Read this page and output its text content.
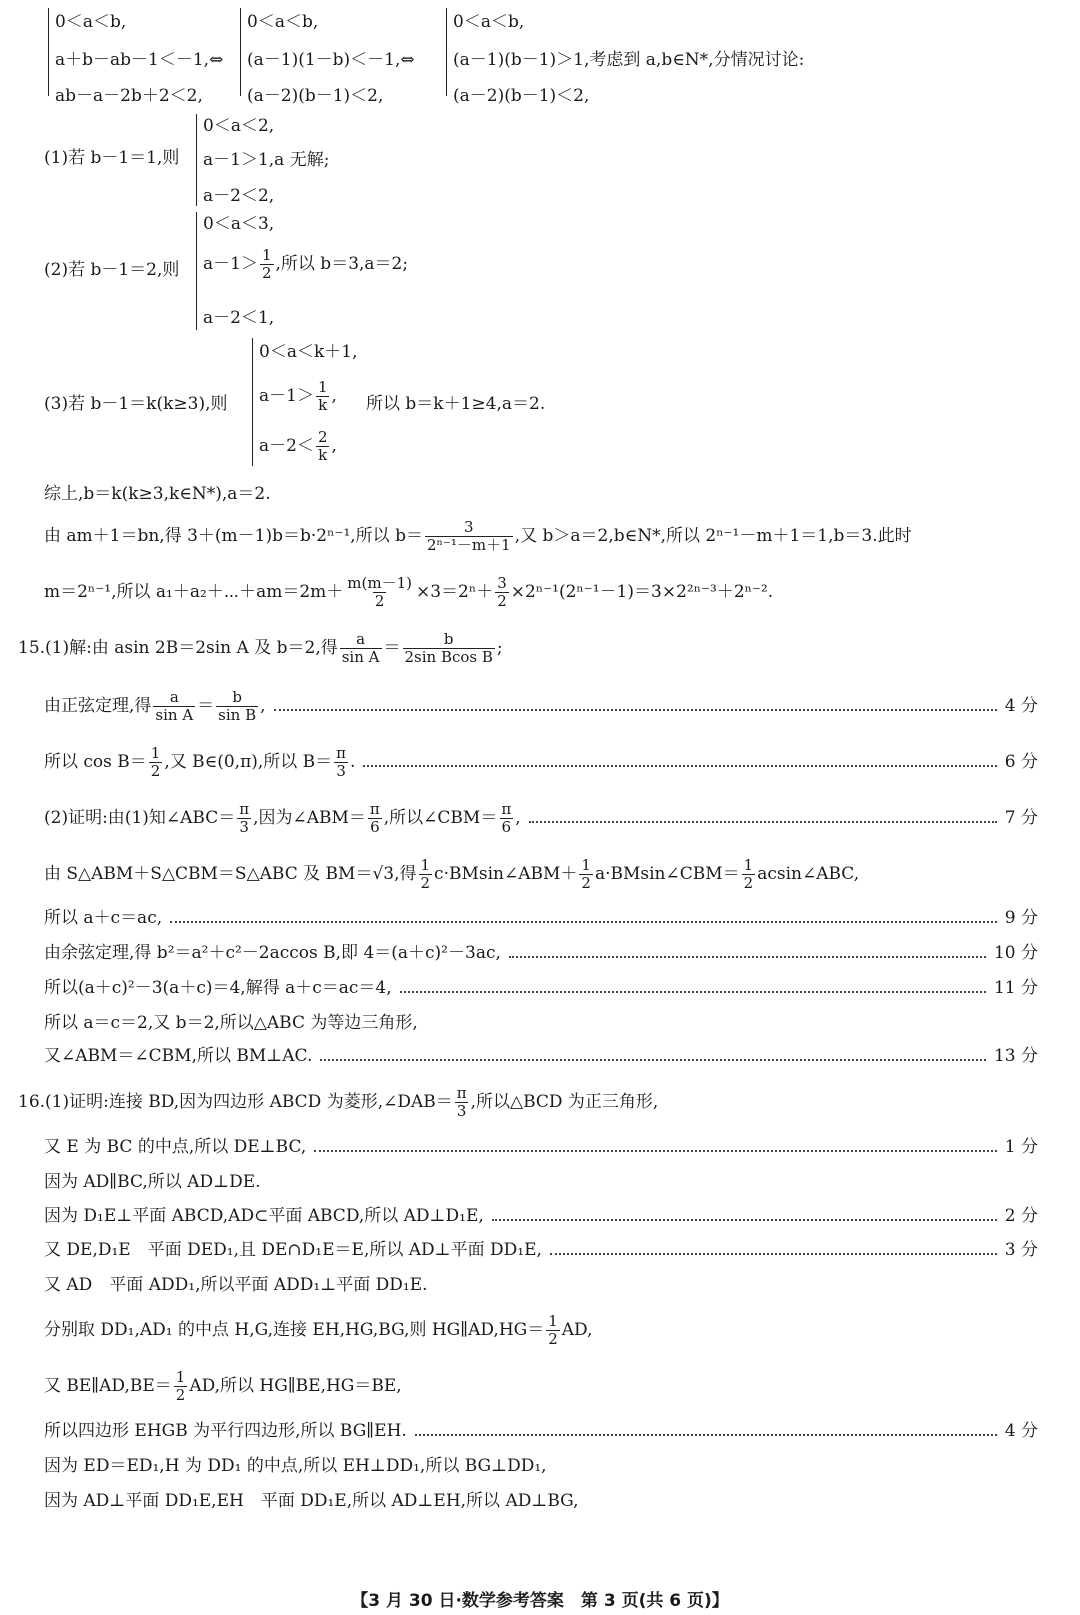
0＜a＜b,
a＋b－ab－1＜－1,⇔
ab－a－2b＋2＜2,
0＜a＜b,
(a－1)(1－b)＜－1,⇔
(a－2)(b－1)＜2,
0＜a＜b,
(a－1)(b－1)＞1,考虑到 a,b∈N*,分情况讨论:
(a－2)(b－1)＜2,
(1)若 b－1＝1,则
0＜a＜2,
a－1＞1,a 无解;
a－2＜2,
(2)若 b－1＝2,则
0＜a＜3,
$a-1> \frac{1}{2}$ ,所以 b＝3,a＝2;
a－2＜1,
(3)若 b－1＝k(k≥3),则
0＜a＜k＋1,
$a-1> \frac{1}{k}$ ,
$a-2< \frac{2}{k}$ ,
所以 b＝k＋1≥4,a＝2.
综上,b＝k(k≥3,k∈N*),a＝2.
由 am＋1＝bn,得 3＋(m－1)b＝b·2ⁿ⁻¹,所以 $b= \frac{3}{\text{2ⁿ⁻¹－m＋1}}$ ,又 b＞a＝2,b∈N*,所以 2ⁿ⁻¹－m＋1＝1,b＝3.此时
m＝2ⁿ⁻¹,所以 a₁＋a₂＋⋯＋am＝2m＋ $\frac{m(m-1)}{2} \times 3=2^n+ \frac{3}{2} \times 2^{n-1}(2^{n-1}-1)=3\times 2^{2n-3}+2^{n-2}$.
15.(1)解:由 asin 2B＝2sin A 及 b＝2,得 $\frac{a}{\text{sin A}} = \frac{b}{\text{2sin Bcos B}}$ ;
由正弦定理,得 $\frac{a}{\text{sin A}} = \frac{b}{\text{sin B}}$ ,	4 分
所以 $\cos B= \frac{1}{2}$ ,又 B∈(0,π),所以 $B= \frac{\pi}{3}$ .	6 分
(2)证明:由(1)知∠ABC＝ $\frac{\pi}{3}$ ,因为∠ABM＝ $\frac{\pi}{6}$ ,所以∠CBM＝ $\frac{\pi}{6}$ ,	7 分
由 S△ABM＋S△CBM＝S△ABC 及 BM＝√3,得 $\frac{1}{2}$ c·BMsin∠ABM＋ $\frac{1}{2}$ a·BMsin∠CBM＝ $\frac{1}{2}$ acsin∠ABC,
所以 a＋c＝ac,	9 分
由余弦定理,得 b²＝a²＋c²－2accos B,即 4＝(a＋c)²－3ac,	10 分
所以(a＋c)²－3(a＋c)＝4,解得 a＋c＝ac＝4,	11 分
所以 a＝c＝2,又 b＝2,所以△ABC 为等边三角形,
又∠ABM＝∠CBM,所以 BM⊥AC.	13 分
16.(1)证明:连接 BD,因为四边形 ABCD 为菱形,∠DAB＝ $\frac{\pi}{3}$ ,所以△BCD 为正三角形,
又 E 为 BC 的中点,所以 DE⊥BC,	1 分
因为 AD∥BC,所以 AD⊥DE.
因为 D₁E⊥平面 ABCD,AD⊂平面 ABCD,所以 AD⊥D₁E,	2 分
又 DE,D₁E　平面 DED₁,且 DE∩D₁E＝E,所以 AD⊥平面 DD₁E,	3 分
又 AD　平面 ADD₁,所以平面 ADD₁⊥平面 DD₁E.
分别取 DD₁,AD₁ 的中点 H,G,连接 EH,HG,BG,则 HG∥AD,HG＝ $\frac{1}{2}$ AD,
又 BE∥AD,BE＝ $\frac{1}{2}$ AD,所以 HG∥BE,HG＝BE,
所以四边形 EHGB 为平行四边形,所以 BG∥EH.	4 分
因为 ED＝ED₁,H 为 DD₁ 的中点,所以 EH⊥DD₁,所以 BG⊥DD₁,
因为 AD⊥平面 DD₁E,EH　平面 DD₁E,所以 AD⊥EH,所以 AD⊥BG,
【3 月 30 日·数学参考答案　第 3 页(共 6 页)】
